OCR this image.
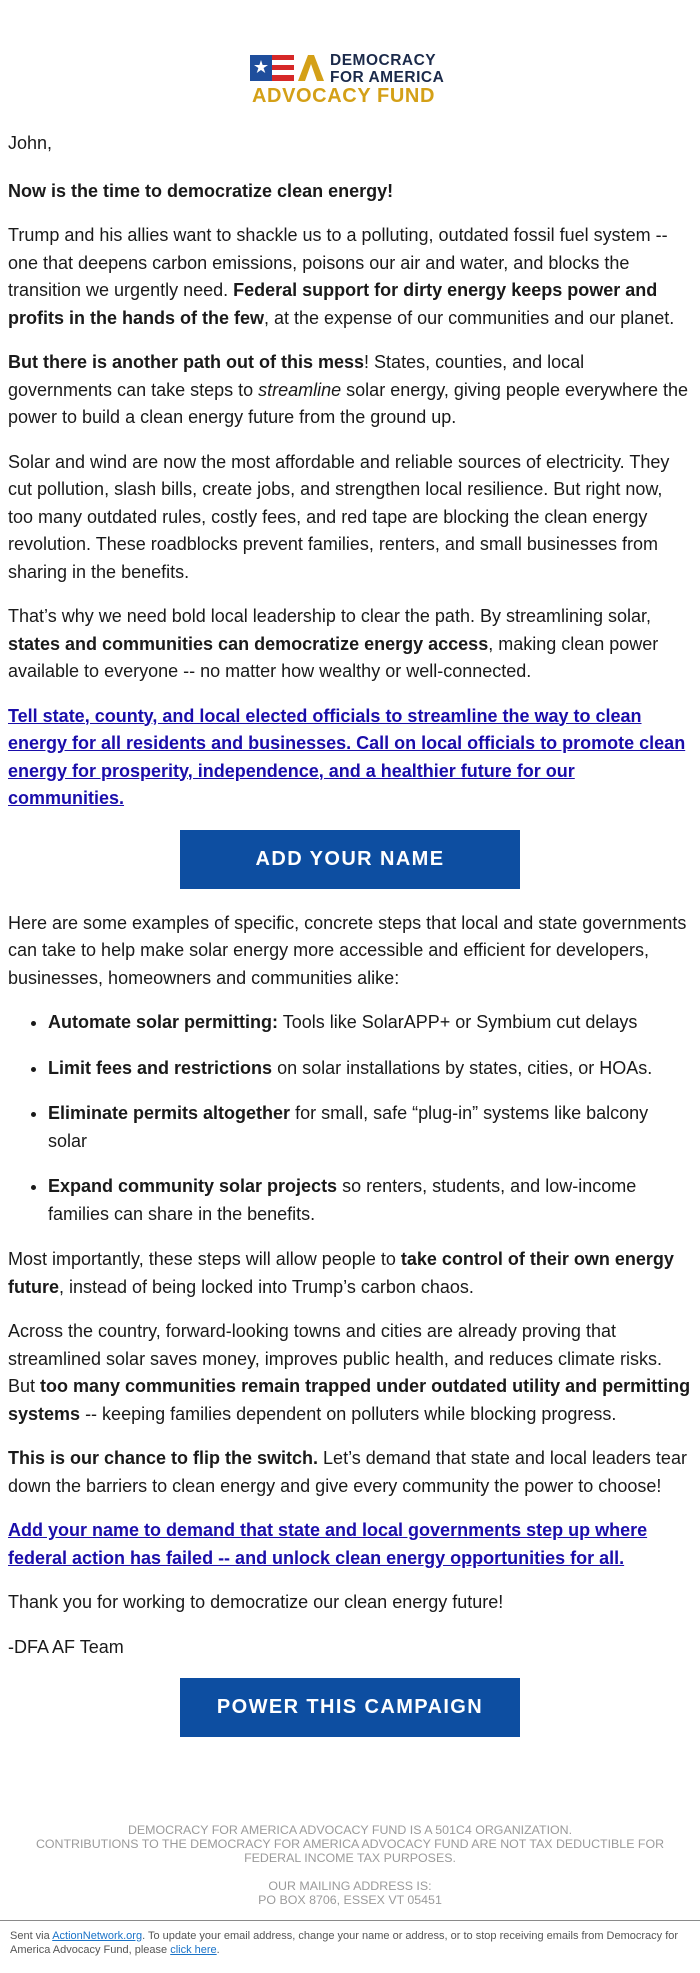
DEMOCRACY
FOR AMERICA
ADVOCACY FUND

John,

Now is the time to democratize clean energy!

Trump and his allies want to shackle us to a polluting, outdated fossil fuel system -- one that deepens carbon emissions, poisons our air and water, and blocks the transition we urgently need. Federal support for dirty energy keeps power and profits in the hands of the few, at the expense of our communities and our planet.

But there is another path out of this mess! States, counties, and local governments can take steps to streamline solar energy, giving people everywhere the power to build a clean energy future from the ground up.

Solar and wind are now the most affordable and reliable sources of electricity. They cut pollution, slash bills, create jobs, and strengthen local resilience. But right now, too many outdated rules, costly fees, and red tape are blocking the clean energy revolution. These roadblocks prevent families, renters, and small businesses from sharing in the benefits.

That’s why we need bold local leadership to clear the path. By streamlining solar, states and communities can democratize energy access, making clean power available to everyone -- no matter how wealthy or well-connected.

Tell state, county, and local elected officials to streamline the way to clean energy for all residents and businesses. Call on local officials to promote clean energy for prosperity, independence, and a healthier future for our communities.

ADD YOUR NAME

Here are some examples of specific, concrete steps that local and state governments can take to help make solar energy more accessible and efficient for developers, businesses, homeowners and communities alike:

• Automate solar permitting: Tools like SolarAPP+ or Symbium cut delays
• Limit fees and restrictions on solar installations by states, cities, or HOAs.
• Eliminate permits altogether for small, safe “plug-in” systems like balcony solar
• Expand community solar projects so renters, students, and low-income families can share in the benefits.

Most importantly, these steps will allow people to take control of their own energy future, instead of being locked into Trump’s carbon chaos.

Across the country, forward-looking towns and cities are already proving that streamlined solar saves money, improves public health, and reduces climate risks. But too many communities remain trapped under outdated utility and permitting systems -- keeping families dependent on polluters while blocking progress.

This is our chance to flip the switch. Let’s demand that state and local leaders tear down the barriers to clean energy and give every community the power to choose!

Add your name to demand that state and local governments step up where federal action has failed -- and unlock clean energy opportunities for all.

Thank you for working to democratize our clean energy future!

-DFA AF Team

POWER THIS CAMPAIGN

DEMOCRACY FOR AMERICA ADVOCACY FUND IS A 501C4 ORGANIZATION.
CONTRIBUTIONS TO THE DEMOCRACY FOR AMERICA ADVOCACY FUND ARE NOT TAX DEDUCTIBLE FOR FEDERAL INCOME TAX PURPOSES.

OUR MAILING ADDRESS IS:
PO BOX 8706, ESSEX VT 05451

Sent via ActionNetwork.org. To update your email address, change your name or address, or to stop receiving emails from Democracy for America Advocacy Fund, please click here.
